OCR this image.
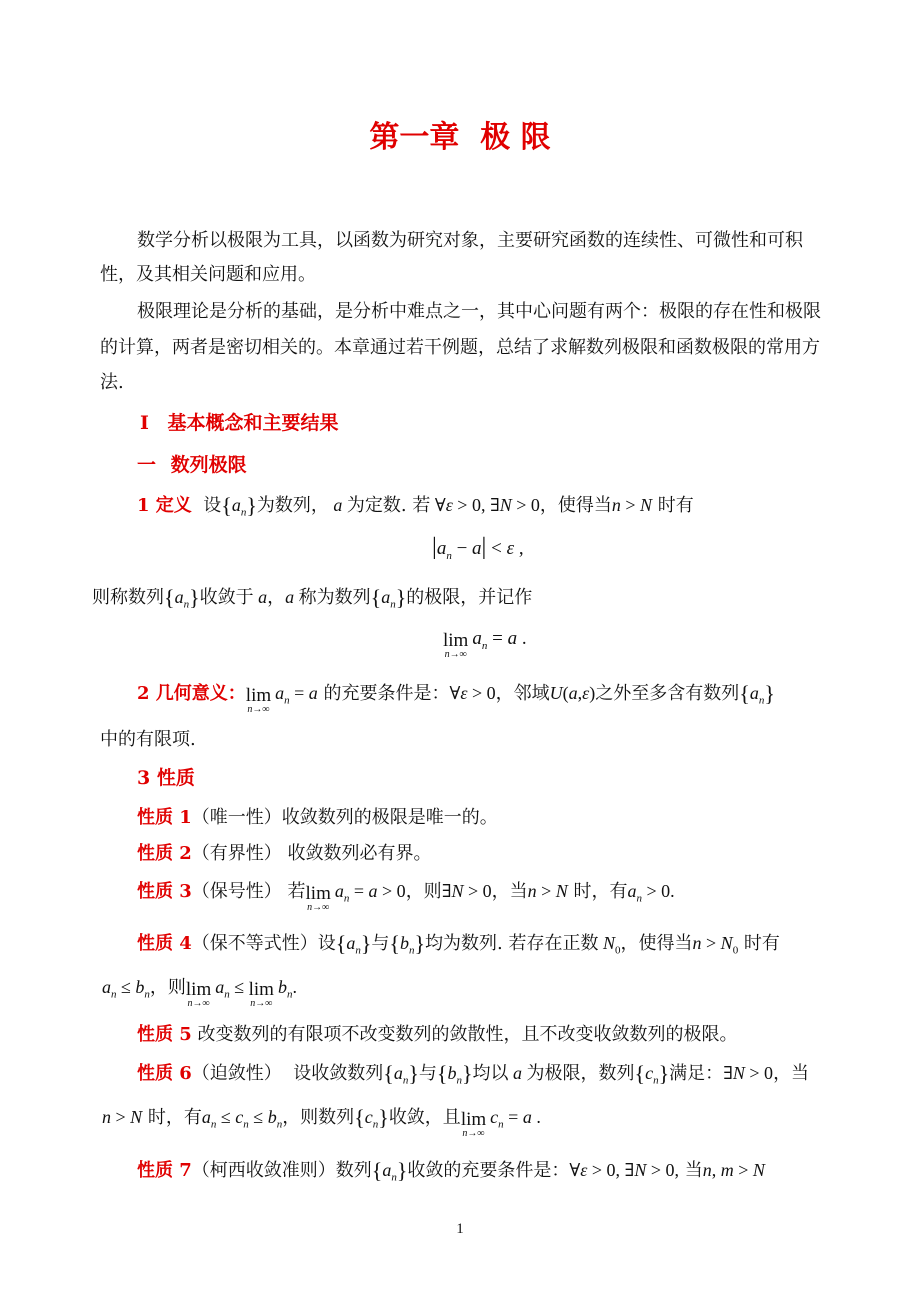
第一章  极 限

数学分析以极限为工具，以函数为研究对象，主要研究函数的连续性、可微性和可积

性，及其相关问题和应用。

极限理论是分析的基础，是分析中难点之一，其中心问题有两个：极限的存在性和极限

的计算，两者是密切相关的。本章通过若干例题，总结了求解数列极限和函数极限的常用方

法.

Ⅰ 基本概念和主要结果
一 数列极限
1 定义 设$\{a_n\}$为数列， a 为定数. 若 ∀ε > 0, ∃N > 0，使得当n > N 时有
$|a_n - a| < \varepsilon$ ,
则称数列$\{a_n\}$收敛于 a，a 称为数列$\{a_n\}$的极限，并记作
lim
n→∞
$a_n = a$ .
2 几何意义： lim
n→∞
$a_n = a$ 的充要条件是：∀ε > 0，邻域U(a,ε)之外至多含有数列$\{a_n\}$

中的有限项.

3 性质
性质 1（唯一性）收敛数列的极限是唯一的。
性质 2（有界性） 收敛数列必有界。
性质 3（保号性） 若 lim
n→∞
$a_n = a > 0$，则∃N > 0，当n > N 时，有$a_n > 0$.
性质 4（保不等式性）设$\{a_n\}$与$\{b_n\}$均为数列. 若存在正数 $N_0$，使得当$n > N_0$ 时有
$a_n \le b_n$，则 lim
n→∞
$a_n \le \lim$
n→∞
$b_n$.
性质 5 改变数列的有限项不改变数列的敛散性，且不改变收敛数列的极限。
性质 6（迫敛性） 设收敛数列$\{a_n\}$与$\{b_n\}$均以 a 为极限，数列$\{c_n\}$满足：∃N > 0，当
n > N 时，有$a_n \le c_n \le b_n$，则数列$\{c_n\}$收敛，且 lim
n→∞
$c_n = a$ .
性质 7（柯西收敛准则）数列$\{a_n\}$收敛的充要条件是：∀ε > 0, ∃N > 0, 当n, m > N
1
